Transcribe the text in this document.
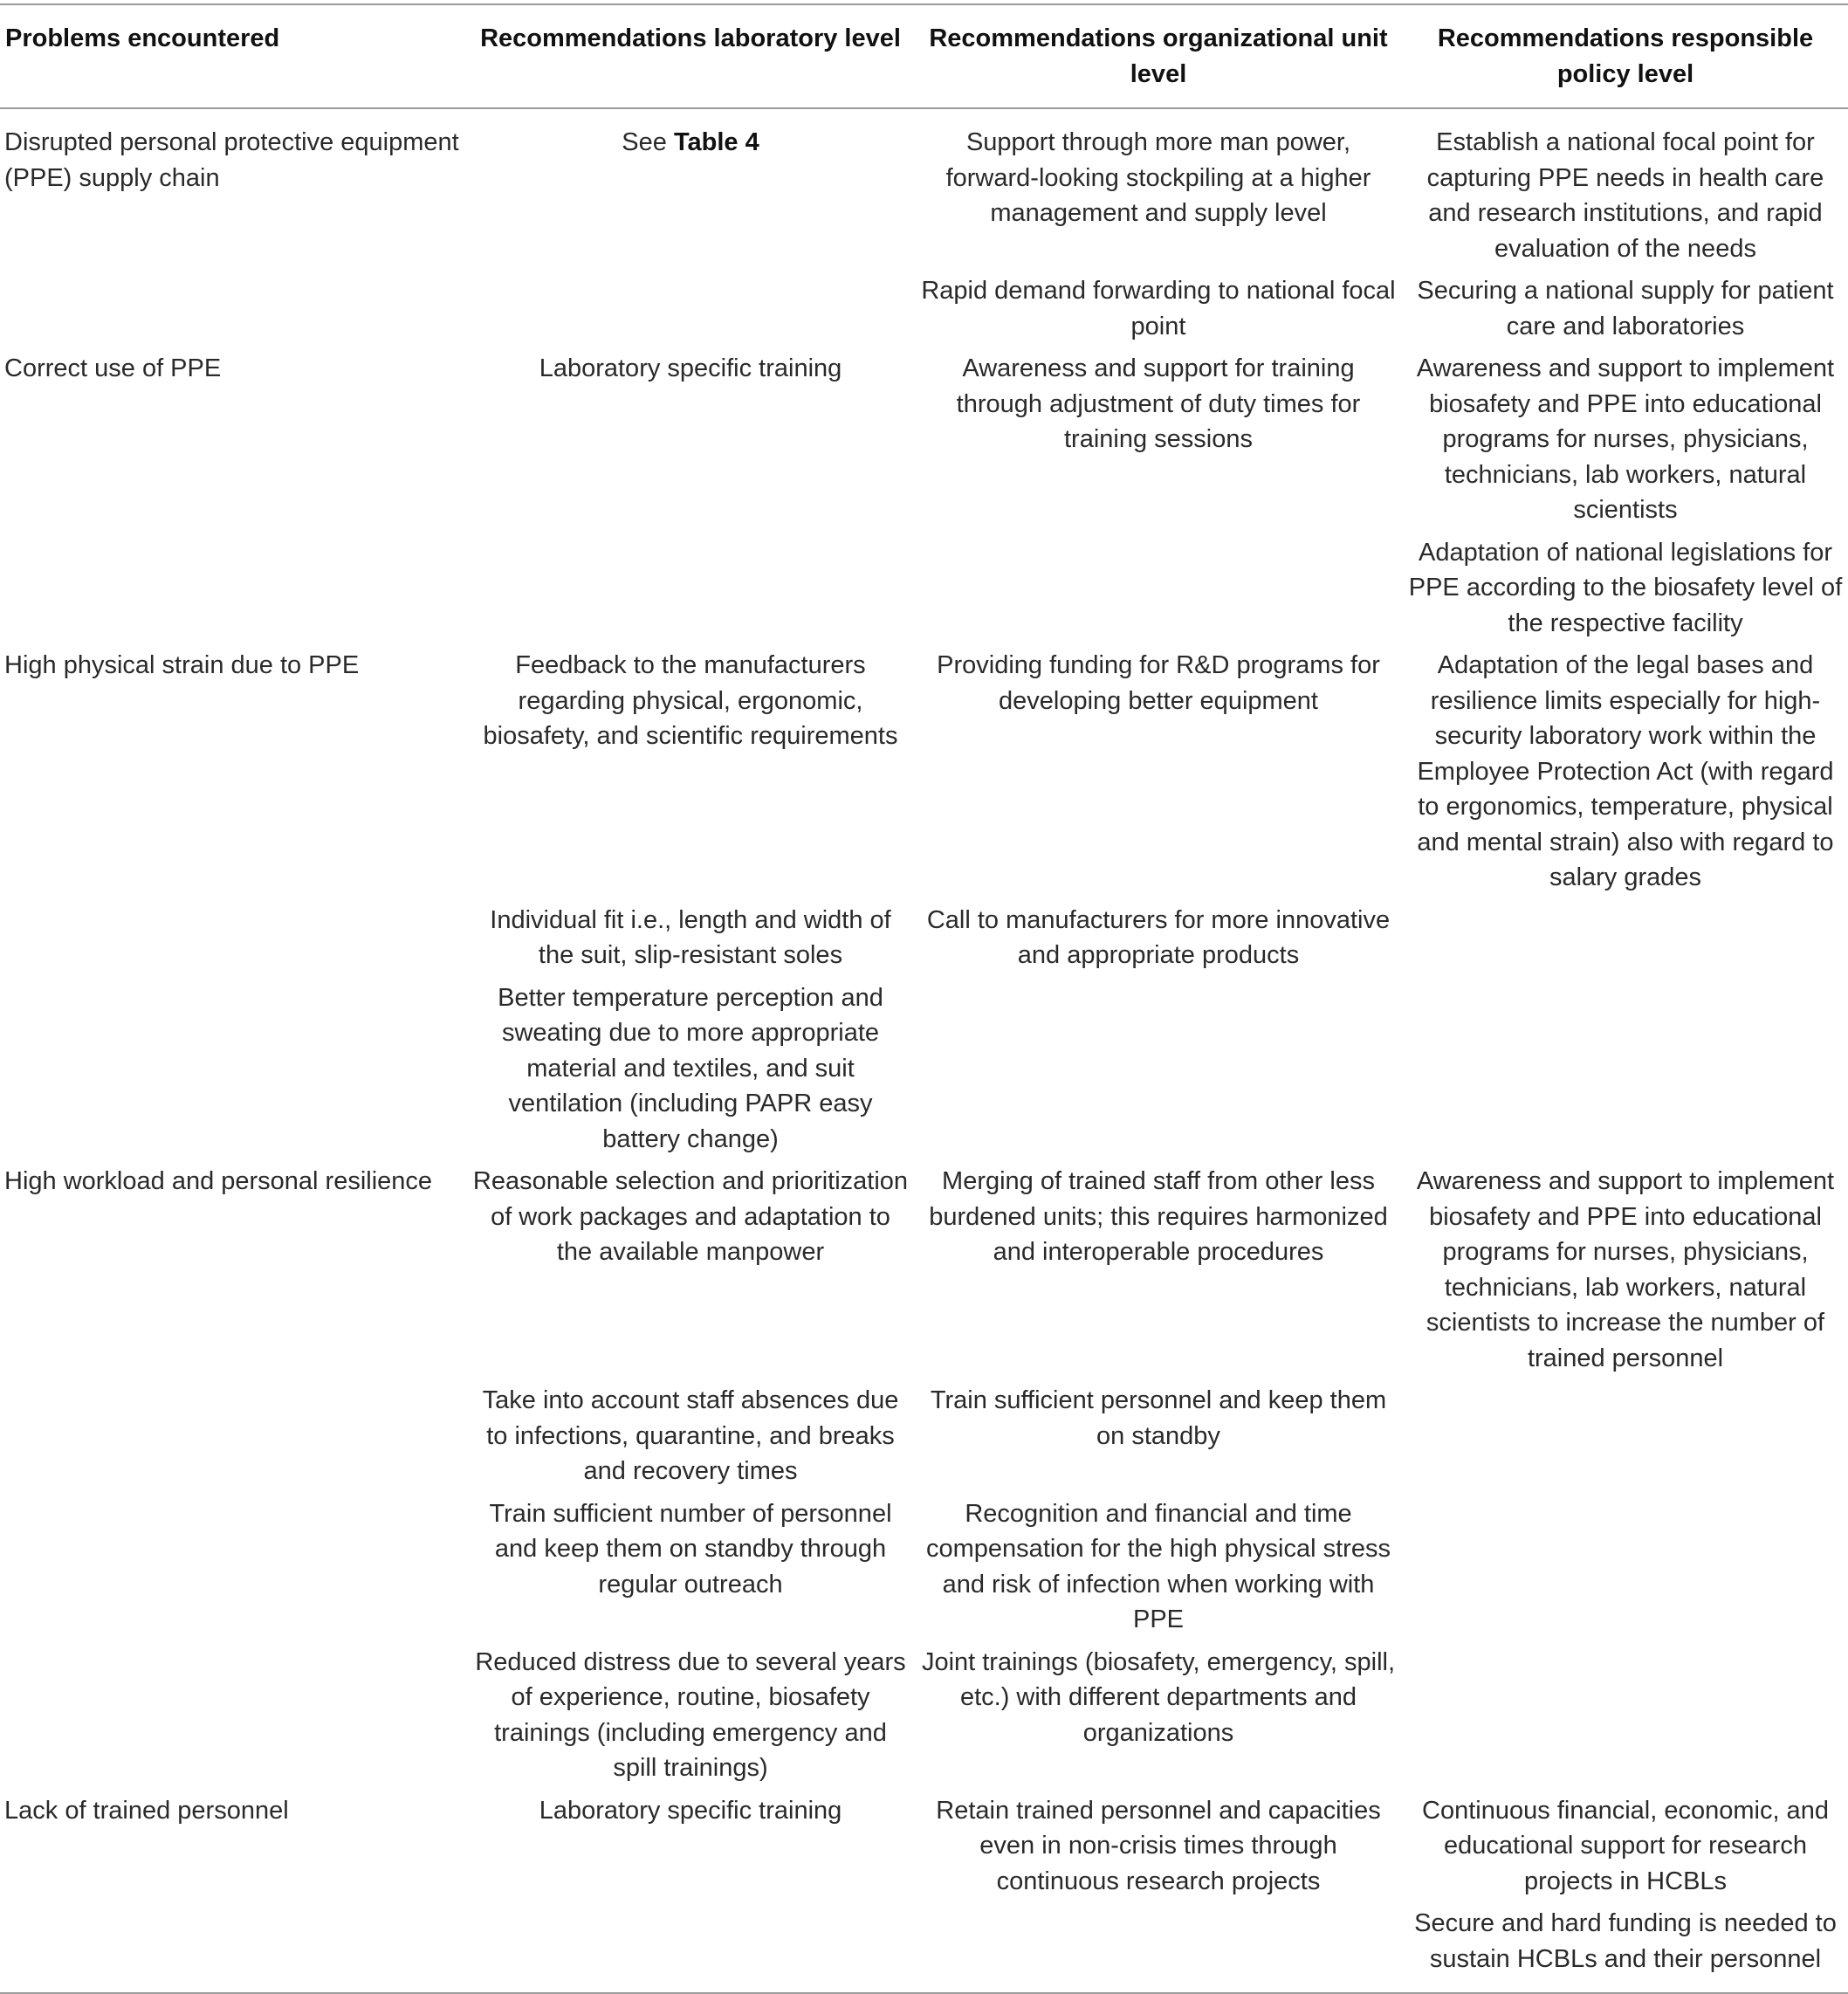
Problems encountered	Recommendations laboratory level	Recommendations organizational unit level	Recommendations responsible policy level
Disrupted personal protective equipment (PPE) supply chain	See Table 4	Support through more man power, forward-looking stockpiling at a higher management and supply level	Establish a national focal point for capturing PPE needs in health care and research institutions, and rapid evaluation of the needs
		Rapid demand forwarding to national focal point	Securing a national supply for patient care and laboratories
Correct use of PPE	Laboratory specific training	Awareness and support for training through adjustment of duty times for training sessions	Awareness and support to implement biosafety and PPE into educational programs for nurses, physicians, technicians, lab workers, natural scientists
			Adaptation of national legislations for PPE according to the biosafety level of the respective facility
High physical strain due to PPE	Feedback to the manufacturers regarding physical, ergonomic, biosafety, and scientific requirements	Providing funding for R&D programs for developing better equipment	Adaptation of the legal bases and resilience limits especially for high-security laboratory work within the Employee Protection Act (with regard to ergonomics, temperature, physical and mental strain) also with regard to salary grades
	Individual fit i.e., length and width of the suit, slip-resistant soles	Call to manufacturers for more innovative and appropriate products	
	Better temperature perception and sweating due to more appropriate material and textiles, and suit ventilation (including PAPR easy battery change)		
High workload and personal resilience	Reasonable selection and prioritization of work packages and adaptation to the available manpower	Merging of trained staff from other less burdened units; this requires harmonized and interoperable procedures	Awareness and support to implement biosafety and PPE into educational programs for nurses, physicians, technicians, lab workers, natural scientists to increase the number of trained personnel
	Take into account staff absences due to infections, quarantine, and breaks and recovery times	Train sufficient personnel and keep them on standby	
	Train sufficient number of personnel and keep them on standby through regular outreach	Recognition and financial and time compensation for the high physical stress and risk of infection when working with PPE	
	Reduced distress due to several years of experience, routine, biosafety trainings (including emergency and spill trainings)	Joint trainings (biosafety, emergency, spill, etc.) with different departments and organizations	
Lack of trained personnel	Laboratory specific training	Retain trained personnel and capacities even in non-crisis times through continuous research projects	Continuous financial, economic, and educational support for research projects in HCBLs
			Secure and hard funding is needed to sustain HCBLs and their personnel
